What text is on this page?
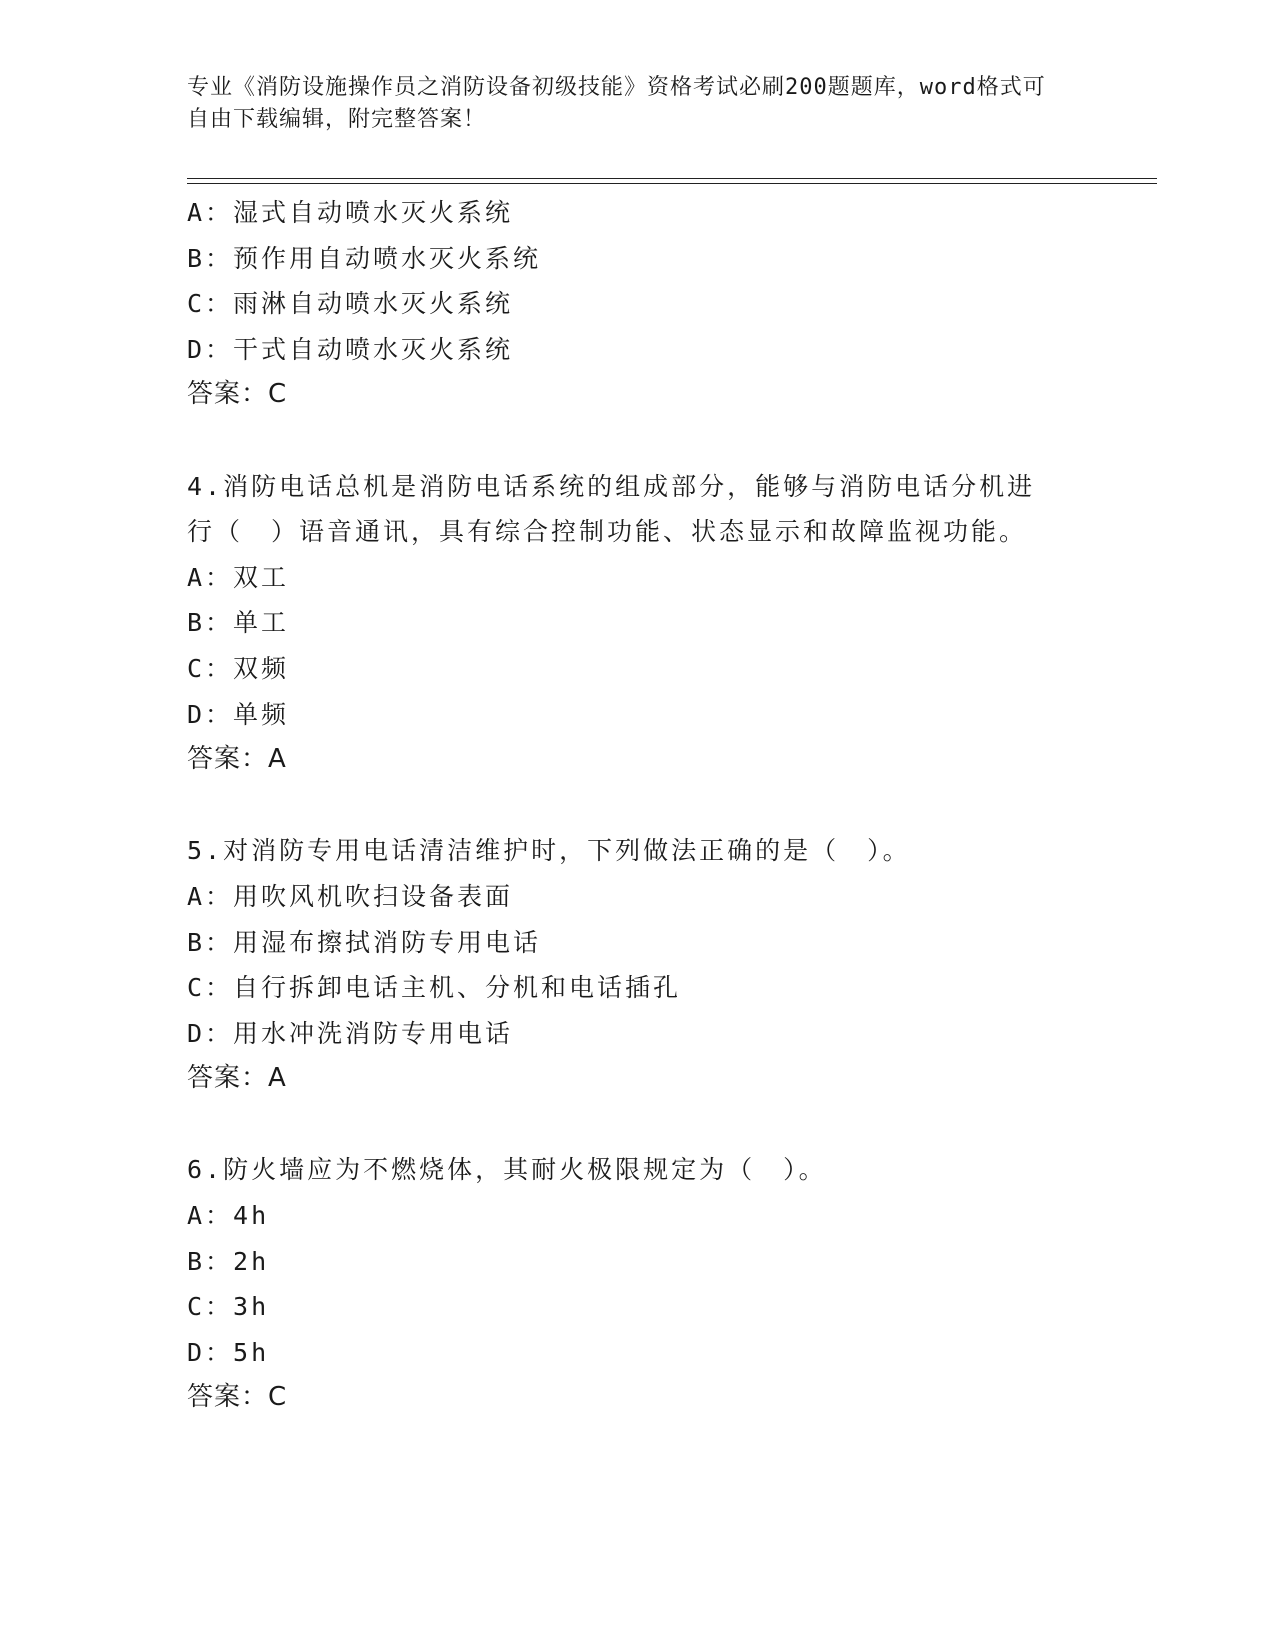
专业《消防设施操作员之消防设备初级技能》资格考试必刷200题题库，word格式可自由下载编辑，附完整答案！
A：湿式自动喷水灭火系统
B：预作用自动喷水灭火系统
C：雨淋自动喷水灭火系统
D：干式自动喷水灭火系统
答案：C
4.消防电话总机是消防电话系统的组成部分，能够与消防电话分机进行（　）语音通讯，具有综合控制功能、状态显示和故障监视功能。
A：双工
B：单工
C：双频
D：单频
答案：A
5.对消防专用电话清洁维护时，下列做法正确的是（　）。
A：用吹风机吹扫设备表面
B：用湿布擦拭消防专用电话
C：自行拆卸电话主机、分机和电话插孔
D：用水冲洗消防专用电话
答案：A
6.防火墙应为不燃烧体，其耐火极限规定为（　）。
A：4h
B：2h
C：3h
D：5h
答案：C
